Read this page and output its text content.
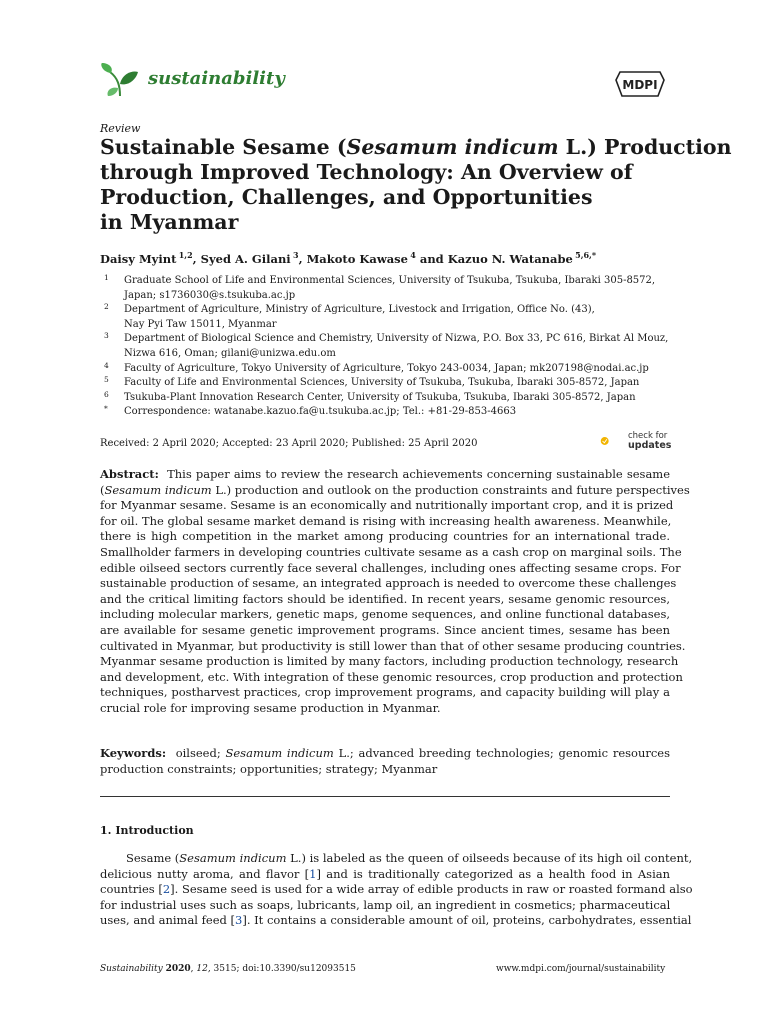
sustainability	MDPI
Review
Sustainable Sesame (Sesamum indicum L.) Production
through Improved Technology: An Overview of
Production, Challenges, and Opportunities
in Myanmar
Daisy Myint  $^{1,2}$, Syed A. Gilani  $^3$, Makoto Kawase  $^4$ and Kazuo N. Watanabe  $^{5,6,*}$
1 Graduate School of Life and Environmental Sciences, University of Tsukuba, Tsukuba, Ibaraki 305-8572,
Japan; s1736030@s.tsukuba.ac.jp
2 Department of Agriculture, Ministry of Agriculture, Livestock and Irrigation, Office No. (43),
Nay Pyi Taw 15011, Myanmar
3 Department of Biological Science and Chemistry, University of Nizwa, P.O. Box 33, PC 616, Birkat Al Mouz,
Nizwa 616, Oman; gilani@unizwa.edu.om
4 Faculty of Agriculture, Tokyo University of Agriculture, Tokyo 243-0034, Japan; mk207198@nodai.ac.jp
5 Faculty of Life and Environmental Sciences, University of Tsukuba, Tsukuba, Ibaraki 305-8572, Japan
6 Tsukuba-Plant Innovation Research Center, University of Tsukuba, Tsukuba, Ibaraki 305-8572, Japan
* Correspondence: watanabe.kazuo.fa@u.tsukuba.ac.jp; Tel.: +81-29-853-4663
Received: 2 April 2020; Accepted: 23 April 2020; Published: 25 April 2020
check for
updates
Abstract: This paper aims to review the research achievements concerning sustainable sesame
(Sesamum indicum L.) production and outlook on the production constraints and future perspectives
for Myanmar sesame. Sesame is an economically and nutritionally important crop, and it is prized
for oil. The global sesame market demand is rising with increasing health awareness. Meanwhile,
there is high competition in the market among producing countries for an international trade.
Smallholder farmers in developing countries cultivate sesame as a cash crop on marginal soils. The
edible oilseed sectors currently face several challenges, including ones affecting sesame crops. For
sustainable production of sesame, an integrated approach is needed to overcome these challenges
and the critical limiting factors should be identified. In recent years, sesame genomic resources,
including molecular markers, genetic maps, genome sequences, and online functional databases,
are available for sesame genetic improvement programs. Since ancient times, sesame has been
cultivated in Myanmar, but productivity is still lower than that of other sesame producing countries.
Myanmar sesame production is limited by many factors, including production technology, research
and development, etc. With integration of these genomic resources, crop production and protection
techniques, postharvest practices, crop improvement programs, and capacity building will play a
crucial role for improving sesame production in Myanmar.
Keywords: oilseed; Sesamum indicum L.; advanced breeding technologies; genomic resources
production constraints; opportunities; strategy; Myanmar
1. Introduction
Sesame (Sesamum indicum L.) is labeled as the queen of oilseeds because of its high oil content,
delicious nutty aroma, and flavor [1] and is traditionally categorized as a health food in Asian
countries [2]. Sesame seed is used for a wide array of edible products in raw or roasted formand also
for industrial uses such as soaps, lubricants, lamp oil, an ingredient in cosmetics; pharmaceutical
uses, and animal feed [3]. It contains a considerable amount of oil, proteins, carbohydrates, essential
Sustainability 2020, 12, 3515; doi:10.3390/su12093515	www.mdpi.com/journal/sustainability
